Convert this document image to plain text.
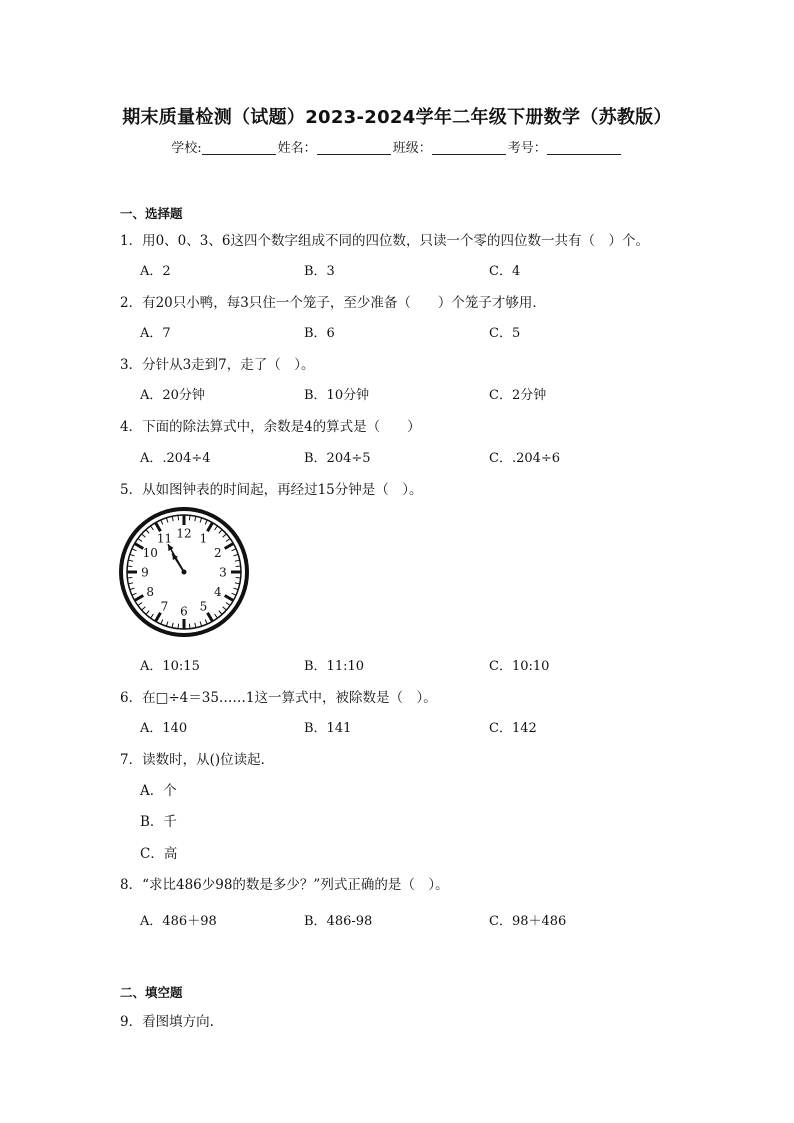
期末质量检测（试题）2023-2024学年二年级下册数学（苏教版）
学校:	姓名：	班级：	考号：
一、选择题
1．用0、0、3、6这四个数字组成不同的四位数，只读一个零的四位数一共有（　）个。
A．2	B．3	C．4
2．有20只小鸭，每3只住一个笼子，至少准备（　　）个笼子才够用．
A．7	B．6	C．5
3．分针从3走到7，走了（　）。
A．20分钟	B．10分钟	C．2分钟
4．下面的除法算式中，余数是4的算式是（　　）
A．.204÷4	B．204÷5	C．.204÷6
5．从如图钟表的时间起，再经过15分钟是（　）。
12 1
2
3
4
5
6
7
8
9
10
11
A．10:15	B．11:10	C．10:10
6．在□÷4＝35……1这一算式中，被除数是（　）。
A．140	B．141	C．142
7．读数时，从()位读起．
A．个
B．千
C．高
8．“求比486少98的数是多少？”列式正确的是（　）。
A．486＋98	B．486-98	C．98＋486
二、填空题
9．看图填方向.
